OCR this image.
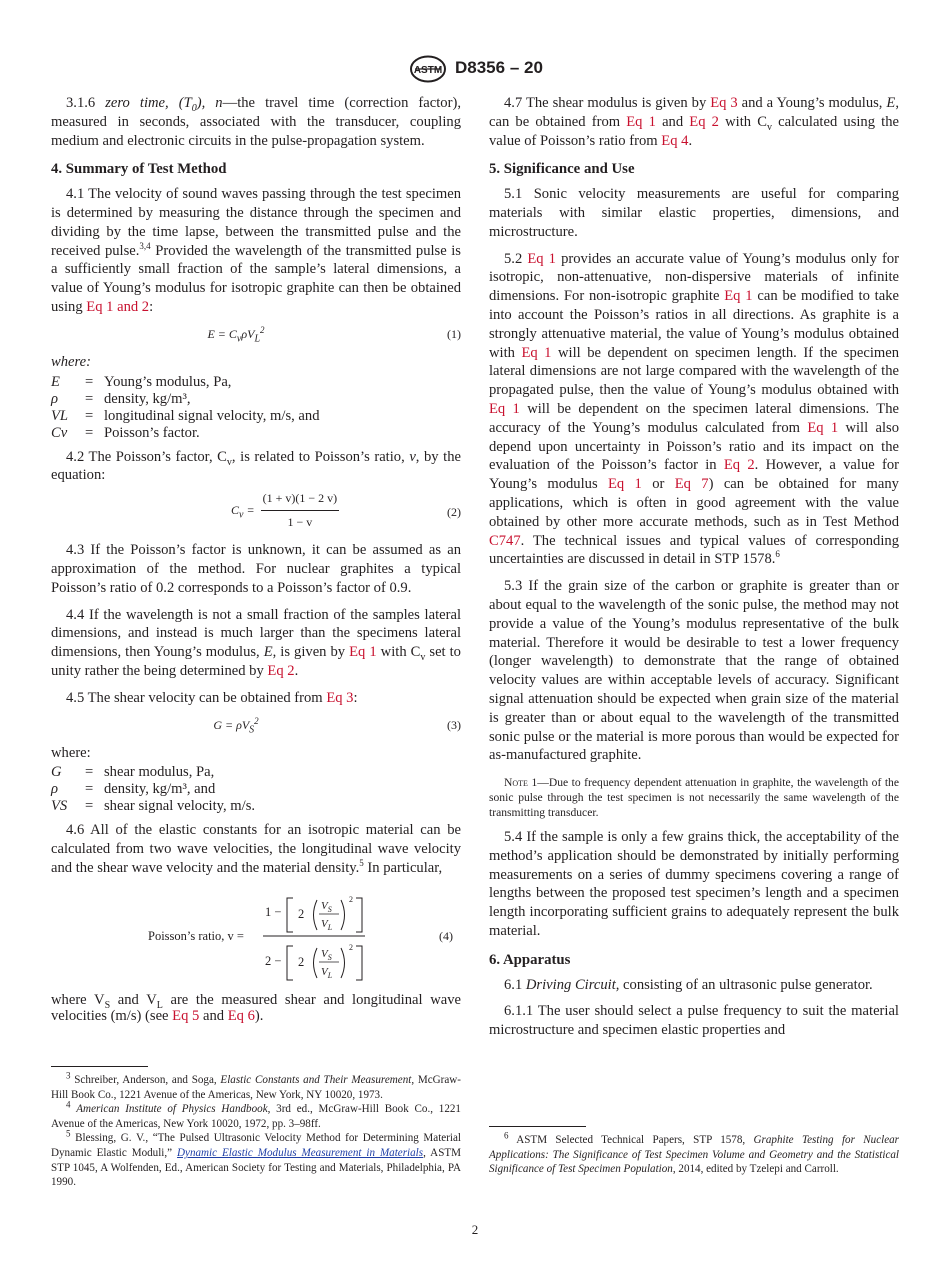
ASTM D8356 – 20

3.1.6 zero time, $(T_0)$, n—the travel time (correction factor), measured in seconds, associated with the transducer, coupling medium and electronic circuits in the pulse-propagation system.

4. Summary of Test Method

4.1 The velocity of sound waves passing through the test specimen is determined by measuring the distance through the specimen and dividing by the time lapse, between the transmitted pulse and the received pulse.$^{3,4}$ Provided the wavelength of the transmitted pulse is a sufficiently small fraction of the sample’s lateral dimensions, a value of Young’s modulus for isotropic graphite can then be obtained using Eq 1 and 2:

$E = C_v\rho V_L^2$	(1)
where:
E	= Young’s modulus, Pa,
ρ	= density, kg/m³,
VL	= longitudinal signal velocity, m/s, and
Cv	= Poisson’s factor.

4.2 The Poisson’s factor, $C_v$, is related to Poisson’s ratio, v, by the equation:

$C_v = \frac{(1 + v)(1 - 2 v)}{1 - v}$	(2)

4.3 If the Poisson’s factor is unknown, it can be assumed as an approximation of the method. For nuclear graphites a typical Poisson’s ratio of 0.2 corresponds to a Poisson’s factor of 0.9.

4.4 If the wavelength is not a small fraction of the samples lateral dimensions, and instead is much larger than the specimens lateral dimensions, then Young’s modulus, E, is given by Eq 1 with $C_v$ set to unity rather the being determined by Eq 2.

4.5 The shear velocity can be obtained from Eq 3:

$G = \rho V_S^2$	(3)
where:
G	= shear modulus, Pa,
ρ	= density, kg/m³, and
VS	= shear signal velocity, m/s.

4.6 All of the elastic constants for an isotropic material can be calculated from two wave velocities, the longitudinal wave velocity and the shear wave velocity and the material density.$^5$ In particular,

Poisson’s ratio, v =
1 − 2
$V_S$
$V_L$
2
2 − 2
$V_S$
$V_L$
2
(4)

where $V_S$ and $V_L$ are the measured shear and longitudinal wave velocities (m/s) (see Eq 5 and Eq 6).

$^3$ Schreiber, Anderson, and Soga, Elastic Constants and Their Measurement, McGraw-Hill Book Co., 1221 Avenue of the Americas, New York, NY 10020, 1973.

$^4$ American Institute of Physics Handbook, 3rd ed., McGraw-Hill Book Co., 1221 Avenue of the Americas, New York 10020, 1972, pp. 3–98ff.

$^5$ Blessing, G. V., “The Pulsed Ultrasonic Velocity Method for Determining Material Dynamic Elastic Moduli,” Dynamic Elastic Modulus Measurement in Materials, ASTM STP 1045, A Wolfenden, Ed., American Society for Testing and Materials, Philadelphia, PA 1990.

4.7 The shear modulus is given by Eq 3 and a Young’s modulus, E, can be obtained from Eq 1 and Eq 2 with $C_v$ calculated using the value of Poisson’s ratio from Eq 4.

5. Significance and Use

5.1 Sonic velocity measurements are useful for comparing materials with similar elastic properties, dimensions, and microstructure.

5.2 Eq 1 provides an accurate value of Young’s modulus only for isotropic, non-attenuative, non-dispersive materials of infinite dimensions. For non-isotropic graphite Eq 1 can be modified to take into account the Poisson’s ratios in all directions. As graphite is a strongly attenuative material, the value of Young’s modulus obtained with Eq 1 will be dependent on specimen length. If the specimen lateral dimensions are not large compared with the wavelength of the propagated pulse, then the value of Young’s modulus obtained with Eq 1 will be dependent on the specimen lateral dimensions. The accuracy of the Young’s modulus calculated from Eq 1 will also depend upon uncertainty in Poisson’s ratio and its impact on the evaluation of the Poisson’s factor in Eq 2. However, a value for Young’s modulus Eq 1 or Eq 7) can be obtained for many applications, which is often in good agreement with the value obtained by other more accurate methods, such as in Test Method C747. The technical issues and typical values of corresponding uncertainties are discussed in detail in STP 1578.$^6$

5.3 If the grain size of the carbon or graphite is greater than or about equal to the wavelength of the sonic pulse, the method may not provide a value of the Young’s modulus representative of the bulk material. Therefore it would be desirable to test a lower frequency (longer wavelength) to demonstrate that the range of obtained velocity values are within acceptable levels of accuracy. Significant signal attenuation should be expected when grain size of the material is greater than or about equal to the wavelength of the transmitted sonic pulse or the material is more porous than would be expected for as-manufactured graphite.

Note 1—Due to frequency dependent attenuation in graphite, the wavelength of the sonic pulse through the test specimen is not necessarily the same wavelength of the transmitting transducer.

5.4 If the sample is only a few grains thick, the acceptability of the method’s application should be demonstrated by initially performing measurements on a series of dummy specimens covering a range of lengths between the proposed test specimen’s length and a specimen length incorporating sufficient grains to adequately represent the bulk material.

6. Apparatus

6.1 Driving Circuit, consisting of an ultrasonic pulse generator.

6.1.1 The user should select a pulse frequency to suit the material microstructure and specimen elastic properties and

$^6$ ASTM Selected Technical Papers, STP 1578, Graphite Testing for Nuclear Applications: The Significance of Test Specimen Volume and Geometry and the Statistical Significance of Test Specimen Population, 2014, edited by Tzelepi and Carroll.

2
